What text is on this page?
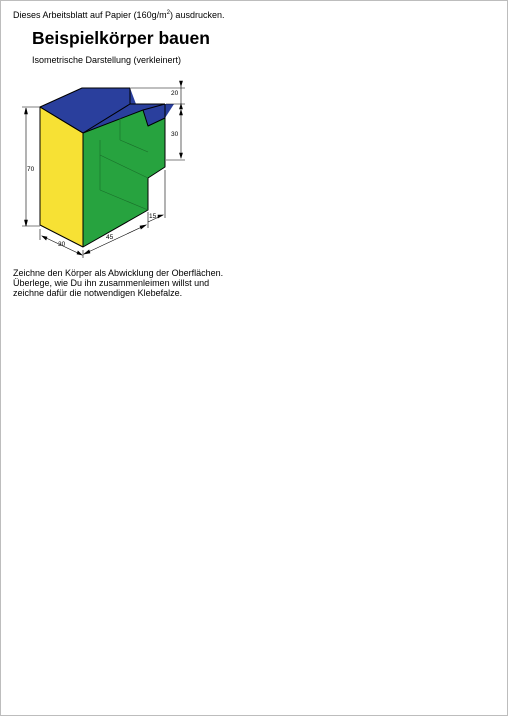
Dieses Arbeitsblatt auf Papier $(160g/m^2)$ ausdrucken.
Beispielkörper bauen
Isometrische Darstellung (verkleinert)
70
30
45
15
20
30
Zeichne den Körper als Abwicklung der Oberflächen.
Überlege, wie Du ihn zusammenleimen willst und
zeichne dafür die notwendigen Klebefalze.
